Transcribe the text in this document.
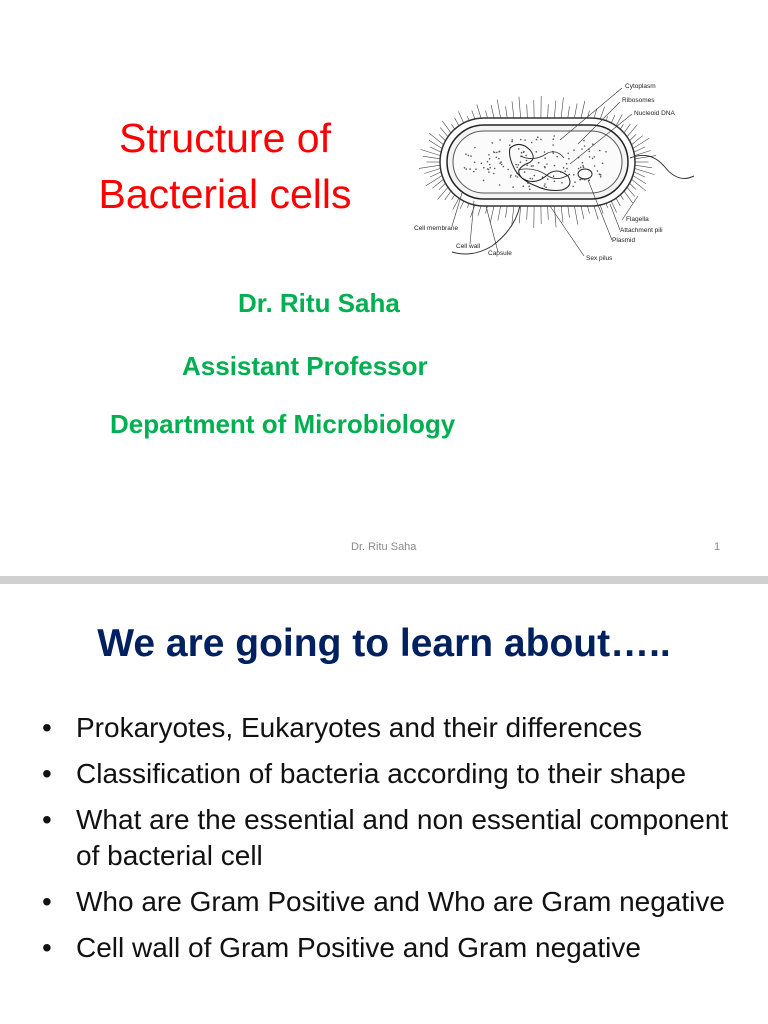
Structure of
Bacterial cells
Cytoplasm
Ribosomes
Nucleoid DNA
Flagella
Attachment pili
Plasmid
Sex pilus
Cell membrane
Cell wall
Capsule
Dr. Ritu Saha
Assistant Professor
Department of Microbiology
Dr. Ritu Saha	1
We are going to learn about…..
• Prokaryotes, Eukaryotes and their differences
• Classification of bacteria according to their shape
• What are the essential and non essential component of bacterial cell
• Who are Gram Positive and Who are Gram negative
• Cell wall of Gram Positive and Gram negative
